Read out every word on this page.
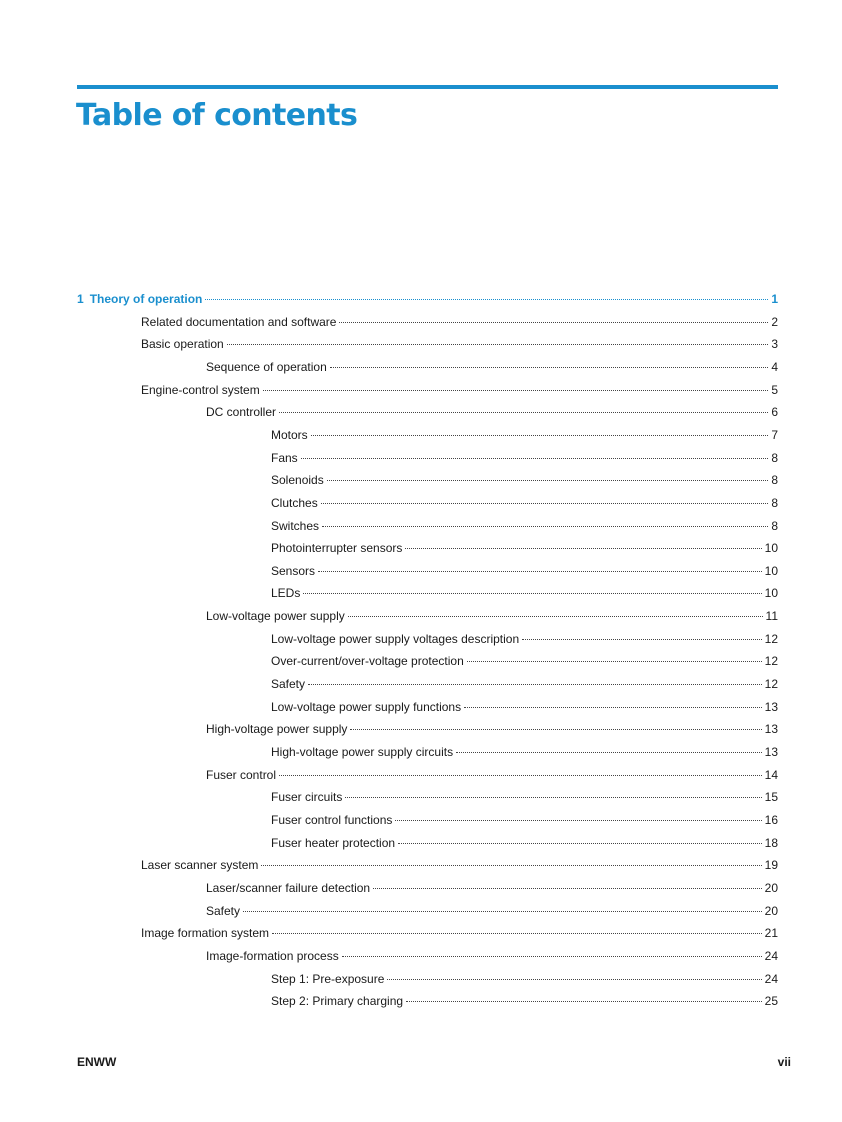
Table of contents
1 Theory of operation	1
Related documentation and software	2
Basic operation	3
Sequence of operation	4
Engine-control system	5
DC controller	6
Motors	7
Fans	8
Solenoids	8
Clutches	8
Switches	8
Photointerrupter sensors	10
Sensors	10
LEDs	10
Low-voltage power supply	11
Low-voltage power supply voltages description	12
Over-current/over-voltage protection	12
Safety	12
Low-voltage power supply functions	13
High-voltage power supply	13
High-voltage power supply circuits	13
Fuser control	14
Fuser circuits	15
Fuser control functions	16
Fuser heater protection	18
Laser scanner system	19
Laser/scanner failure detection	20
Safety	20
Image formation system	21
Image-formation process	24
Step 1: Pre-exposure	24
Step 2: Primary charging	25
ENWW	vii
